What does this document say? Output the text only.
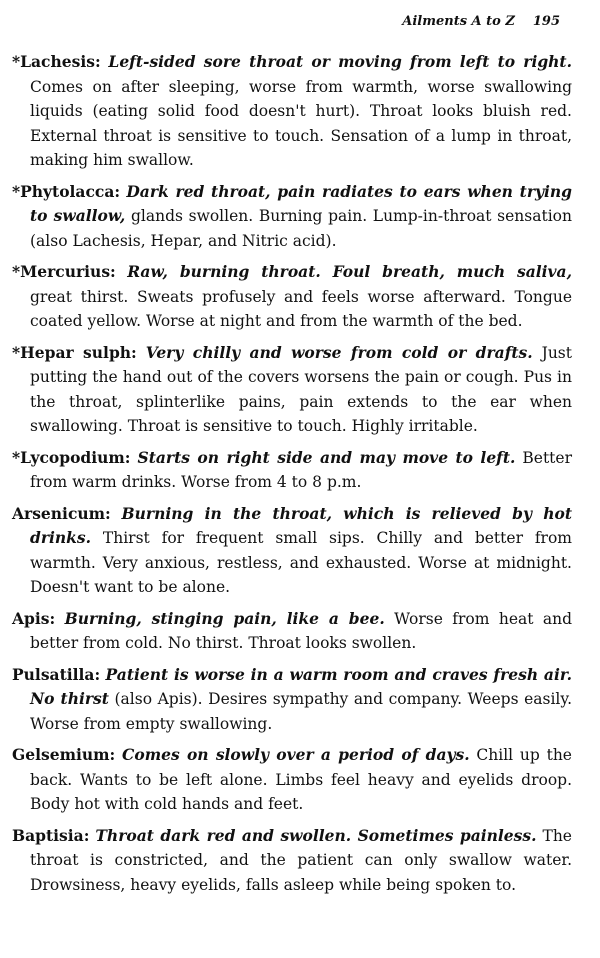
Ailments A to Z 195

*Lachesis: Left-sided sore throat or moving from left to right. Comes on after sleeping, worse from warmth, worse swallowing liquids (eating solid food doesn't hurt). Throat looks bluish red. External throat is sensitive to touch. Sensation of a lump in throat, making him swallow.

*Phytolacca: Dark red throat, pain radiates to ears when trying to swallow, glands swollen. Burning pain. Lump-in-throat sensation (also Lachesis, Hepar, and Nitric acid).

*Mercurius: Raw, burning throat. Foul breath, much saliva, great thirst. Sweats profusely and feels worse afterward. Tongue coated yellow. Worse at night and from the warmth of the bed.

*Hepar sulph: Very chilly and worse from cold or drafts. Just putting the hand out of the covers worsens the pain or cough. Pus in the throat, splinterlike pains, pain extends to the ear when swallowing. Throat is sensitive to touch. Highly irritable.

*Lycopodium: Starts on right side and may move to left. Better from warm drinks. Worse from 4 to 8 p.m.

Arsenicum: Burning in the throat, which is relieved by hot drinks. Thirst for frequent small sips. Chilly and better from warmth. Very anxious, restless, and exhausted. Worse at midnight. Doesn't want to be alone.

Apis: Burning, stinging pain, like a bee. Worse from heat and better from cold. No thirst. Throat looks swollen.

Pulsatilla: Patient is worse in a warm room and craves fresh air. No thirst (also Apis). Desires sympathy and company. Weeps easily. Worse from empty swallowing.

Gelsemium: Comes on slowly over a period of days. Chill up the back. Wants to be left alone. Limbs feel heavy and eyelids droop. Body hot with cold hands and feet.

Baptisia: Throat dark red and swollen. Sometimes painless. The throat is constricted, and the patient can only swallow water. Drowsiness, heavy eyelids, falls asleep while being spoken to.
